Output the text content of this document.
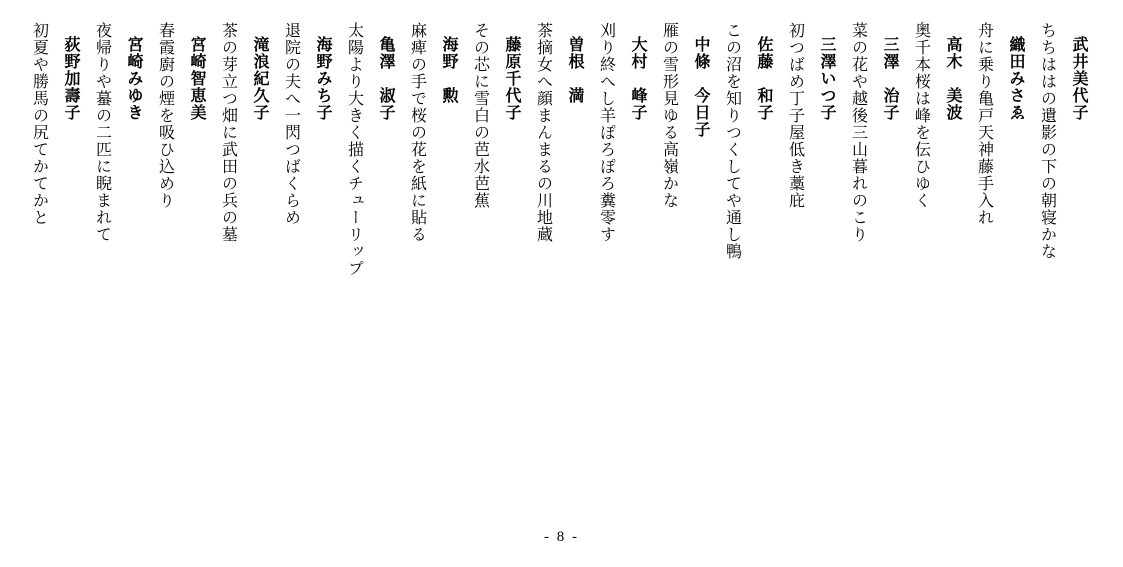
武井美代子
ちちははの遺影の下の朝寝かな
織田みさゑ
舟に乗り亀戸天神藤手入れ
高木　美波
奥千本桜は峰を伝ひゆく
三澤　治子
菜の花や越後三山暮れのこり
三澤いつ子
初つばめ丁子屋低き藁庇
佐藤　和子
この沼を知りつくしてや通し鴨
中條　今日子
雁の雪形見ゆる高嶺かな
大村　峰子
刈り終へし羊ぽろぽろ糞零す
曽根　満
茶摘女へ顔まんまるの川地蔵
藤原千代子
その芯に雪白の芭水芭蕉
海野　勲
麻痺の手で桜の花を紙に貼る
亀澤　淑子
太陽より大きく描くチューリップ
海野みち子
退院の夫へ一閃つばくらめ
滝浪紀久子
茶の芽立つ畑に武田の兵の墓
宮崎智恵美
春霞廚の煙を吸ひ込めり
宮崎みゆき
夜帰りや蟇の二匹に睨まれて
荻野加壽子
初夏や勝馬の尻てかてかと
- 8 -
